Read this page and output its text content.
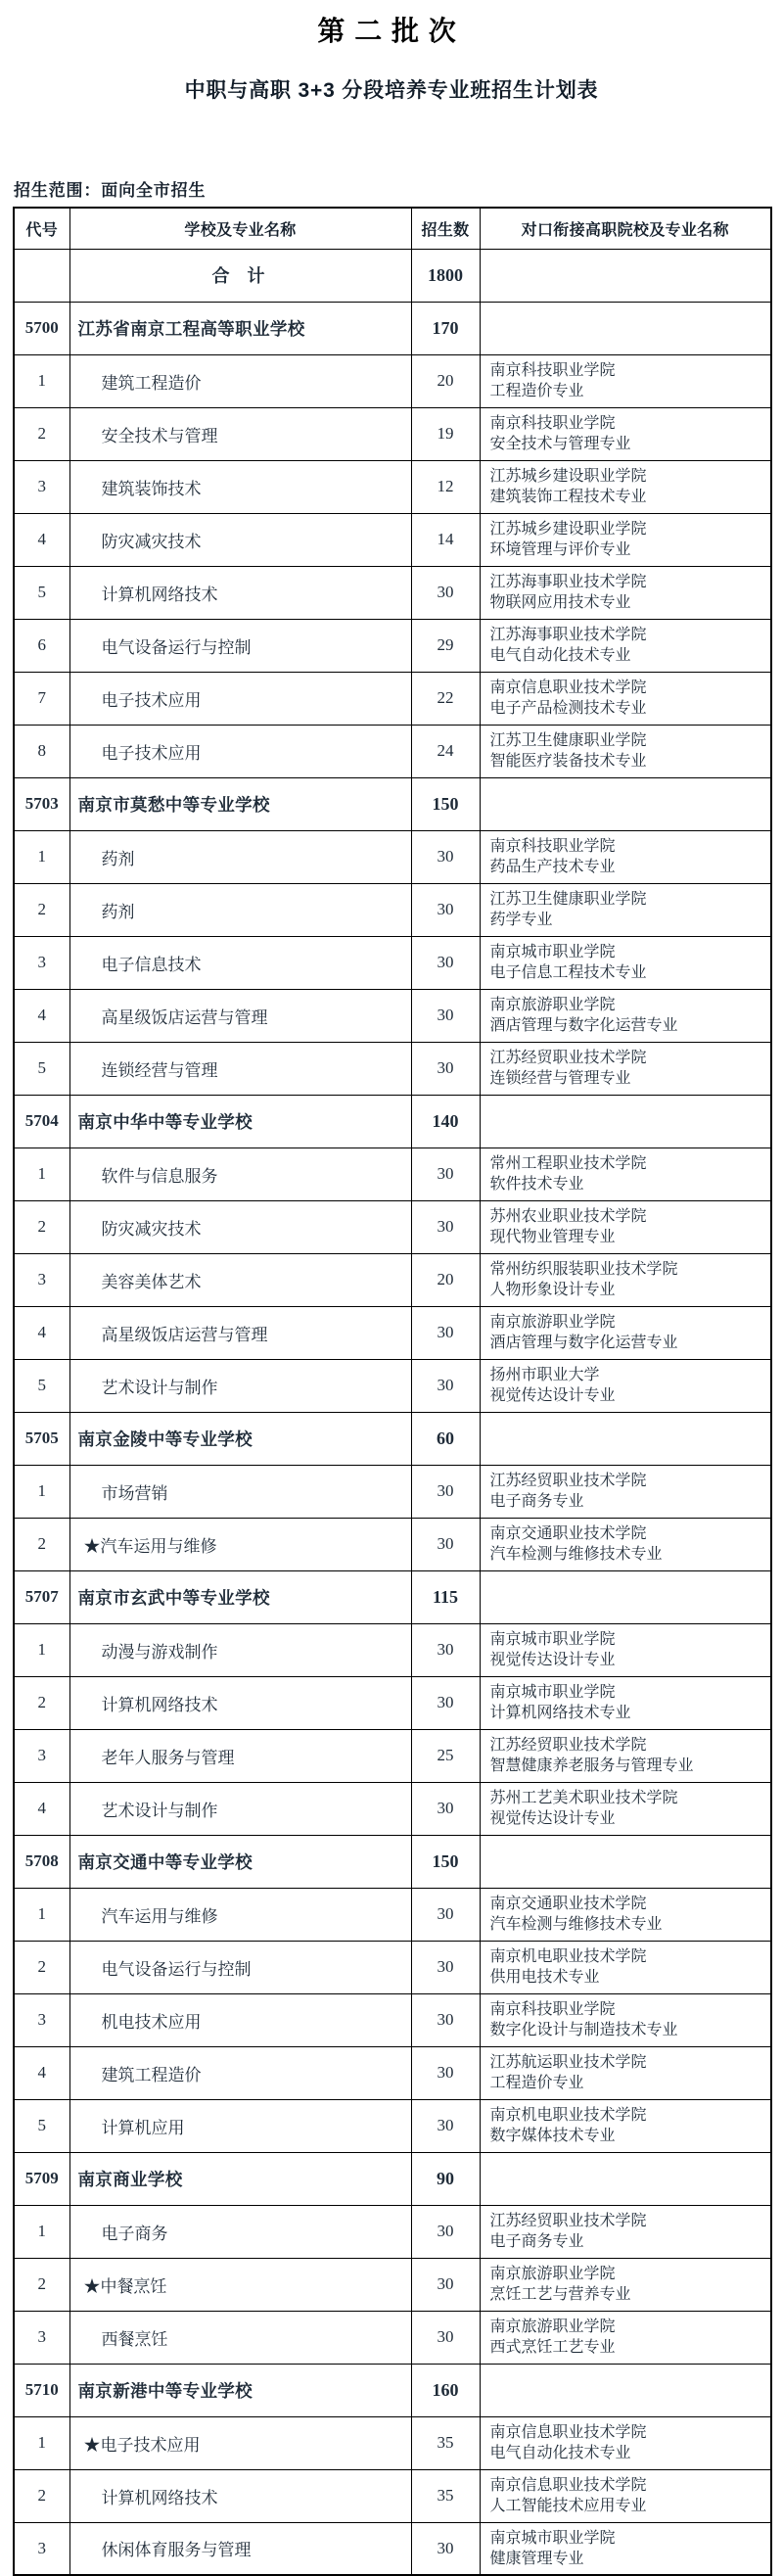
第二批次
中职与高职 3+3 分段培养专业班招生计划表
招生范围：面向全市招生
代号	学校及专业名称	招生数	对口衔接高职院校及专业名称
	合　计	1800	
5700	江苏省南京工程高等职业学校	170	
1	建筑工程造价	20	南京科技职业学院
工程造价专业

2	安全技术与管理	19	南京科技职业学院
安全技术与管理专业

3	建筑装饰技术	12	江苏城乡建设职业学院
建筑装饰工程技术专业

4	防灾减灾技术	14	江苏城乡建设职业学院
环境管理与评价专业

5	计算机网络技术	30	江苏海事职业技术学院
物联网应用技术专业

6	电气设备运行与控制	29	江苏海事职业技术学院
电气自动化技术专业

7	电子技术应用	22	南京信息职业技术学院
电子产品检测技术专业

8	电子技术应用	24	江苏卫生健康职业学院
智能医疗装备技术专业

5703	南京市莫愁中等专业学校	150	
1	药剂	30	南京科技职业学院
药品生产技术专业

2	药剂	30	江苏卫生健康职业学院
药学专业

3	电子信息技术	30	南京城市职业学院
电子信息工程技术专业

4	高星级饭店运营与管理	30	南京旅游职业学院
酒店管理与数字化运营专业

5	连锁经营与管理	30	江苏经贸职业技术学院
连锁经营与管理专业

5704	南京中华中等专业学校	140	
1	软件与信息服务	30	常州工程职业技术学院
软件技术专业

2	防灾减灾技术	30	苏州农业职业技术学院
现代物业管理专业

3	美容美体艺术	20	常州纺织服装职业技术学院
人物形象设计专业

4	高星级饭店运营与管理	30	南京旅游职业学院
酒店管理与数字化运营专业

5	艺术设计与制作	30	扬州市职业大学
视觉传达设计专业

5705	南京金陵中等专业学校	60	
1	市场营销	30	江苏经贸职业技术学院
电子商务专业

2	★汽车运用与维修	30	南京交通职业技术学院
汽车检测与维修技术专业

5707	南京市玄武中等专业学校	115	
1	动漫与游戏制作	30	南京城市职业学院
视觉传达设计专业

2	计算机网络技术	30	南京城市职业学院
计算机网络技术专业

3	老年人服务与管理	25	江苏经贸职业技术学院
智慧健康养老服务与管理专业

4	艺术设计与制作	30	苏州工艺美术职业技术学院
视觉传达设计专业

5708	南京交通中等专业学校	150	
1	汽车运用与维修	30	南京交通职业技术学院
汽车检测与维修技术专业

2	电气设备运行与控制	30	南京机电职业技术学院
供用电技术专业

3	机电技术应用	30	南京科技职业学院
数字化设计与制造技术专业

4	建筑工程造价	30	江苏航运职业技术学院
工程造价专业

5	计算机应用	30	南京机电职业技术学院
数字媒体技术专业

5709	南京商业学校	90	
1	电子商务	30	江苏经贸职业技术学院
电子商务专业

2	★中餐烹饪	30	南京旅游职业学院
烹饪工艺与营养专业

3	西餐烹饪	30	南京旅游职业学院
西式烹饪工艺专业

5710	南京新港中等专业学校	160	
1	★电子技术应用	35	南京信息职业技术学院
电气自动化技术专业

2	计算机网络技术	35	南京信息职业技术学院
人工智能技术应用专业

3	休闲体育服务与管理	30	南京城市职业学院
健康管理专业
